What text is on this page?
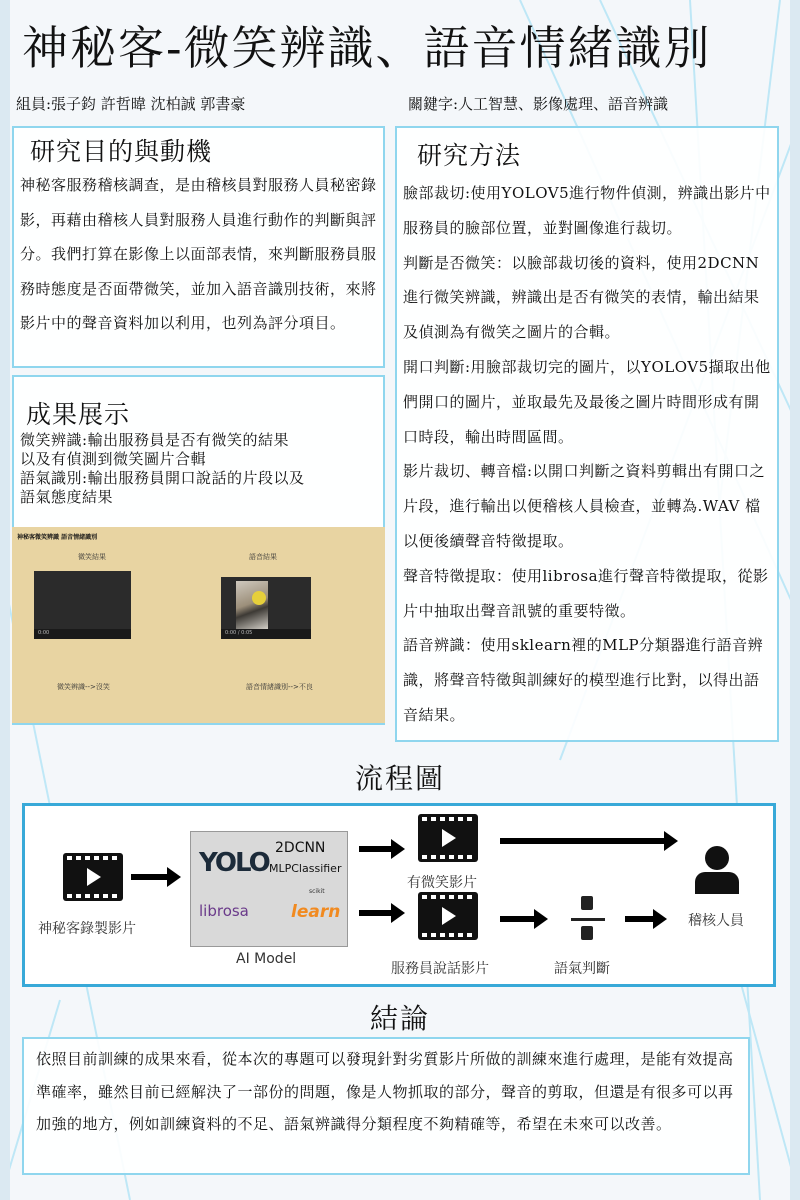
神秘客-微笑辨識、語音情緒識別
組員:張子鈞 許哲暐 沈柏誠 郭書豪	關鍵字:人工智慧、影像處理、語音辨識
研究目的與動機

神秘客服務稽核調查，是由稽核員對服務人員秘密錄影，再藉由稽核人員對服務人員進行動作的判斷與評分。我們打算在影像上以面部表情，來判斷服務員服務時態度是否面帶微笑，並加入語音識別技術，來將影片中的聲音資料加以利用，也列為評分項目。

成果展示
微笑辨識:輸出服務員是否有微笑的結果
以及有偵測到微笑圖片合輯
語氣識別:輸出服務員開口說話的片段以及
語氣態度結果
神秘客微笑辨識 語音情緒識別
微笑結果	語音結果
0:00	0:00 / 0:05
微笑辨識-->沒笑	語音情緒識別-->不良
研究方法

臉部裁切:使用YOLOV5進行物件偵測，辨識出影片中服務員的臉部位置，並對圖像進行裁切。

判斷是否微笑：以臉部裁切後的資料，使用2DCNN進行微笑辨識，辨識出是否有微笑的表情，輸出結果及偵測為有微笑之圖片的合輯。

開口判斷:用臉部裁切完的圖片，以YOLOV5擷取出他們開口的圖片，並取最先及最後之圖片時間形成有開口時段，輸出時間區間。

影片裁切、轉音檔:以開口判斷之資料剪輯出有開口之片段，進行輸出以便稽核人員檢查，並轉為.WAV 檔以便後續聲音特徵提取。

聲音特徵提取：使用librosa進行聲音特徵提取，從影片中抽取出聲音訊號的重要特徵。

語音辨識：使用sklearn裡的MLP分類器進行語音辨識，將聲音特徵與訓練好的模型進行比對，以得出語音結果。

流程圖
神秘客錄製影片
YOLO 2DCNN
MLPClassifier
librosa
scikit
learn
AI Model
有微笑影片
服務員說話影片	語氣判斷
稽核人員
結論

依照目前訓練的成果來看，從本次的專題可以發現針對劣質影片所做的訓練來進行處理，是能有效提高準確率，雖然目前已經解決了一部份的問題，像是人物抓取的部分，聲音的剪取，但還是有很多可以再加強的地方，例如訓練資料的不足、語氣辨識得分類程度不夠精確等，希望在未來可以改善。
